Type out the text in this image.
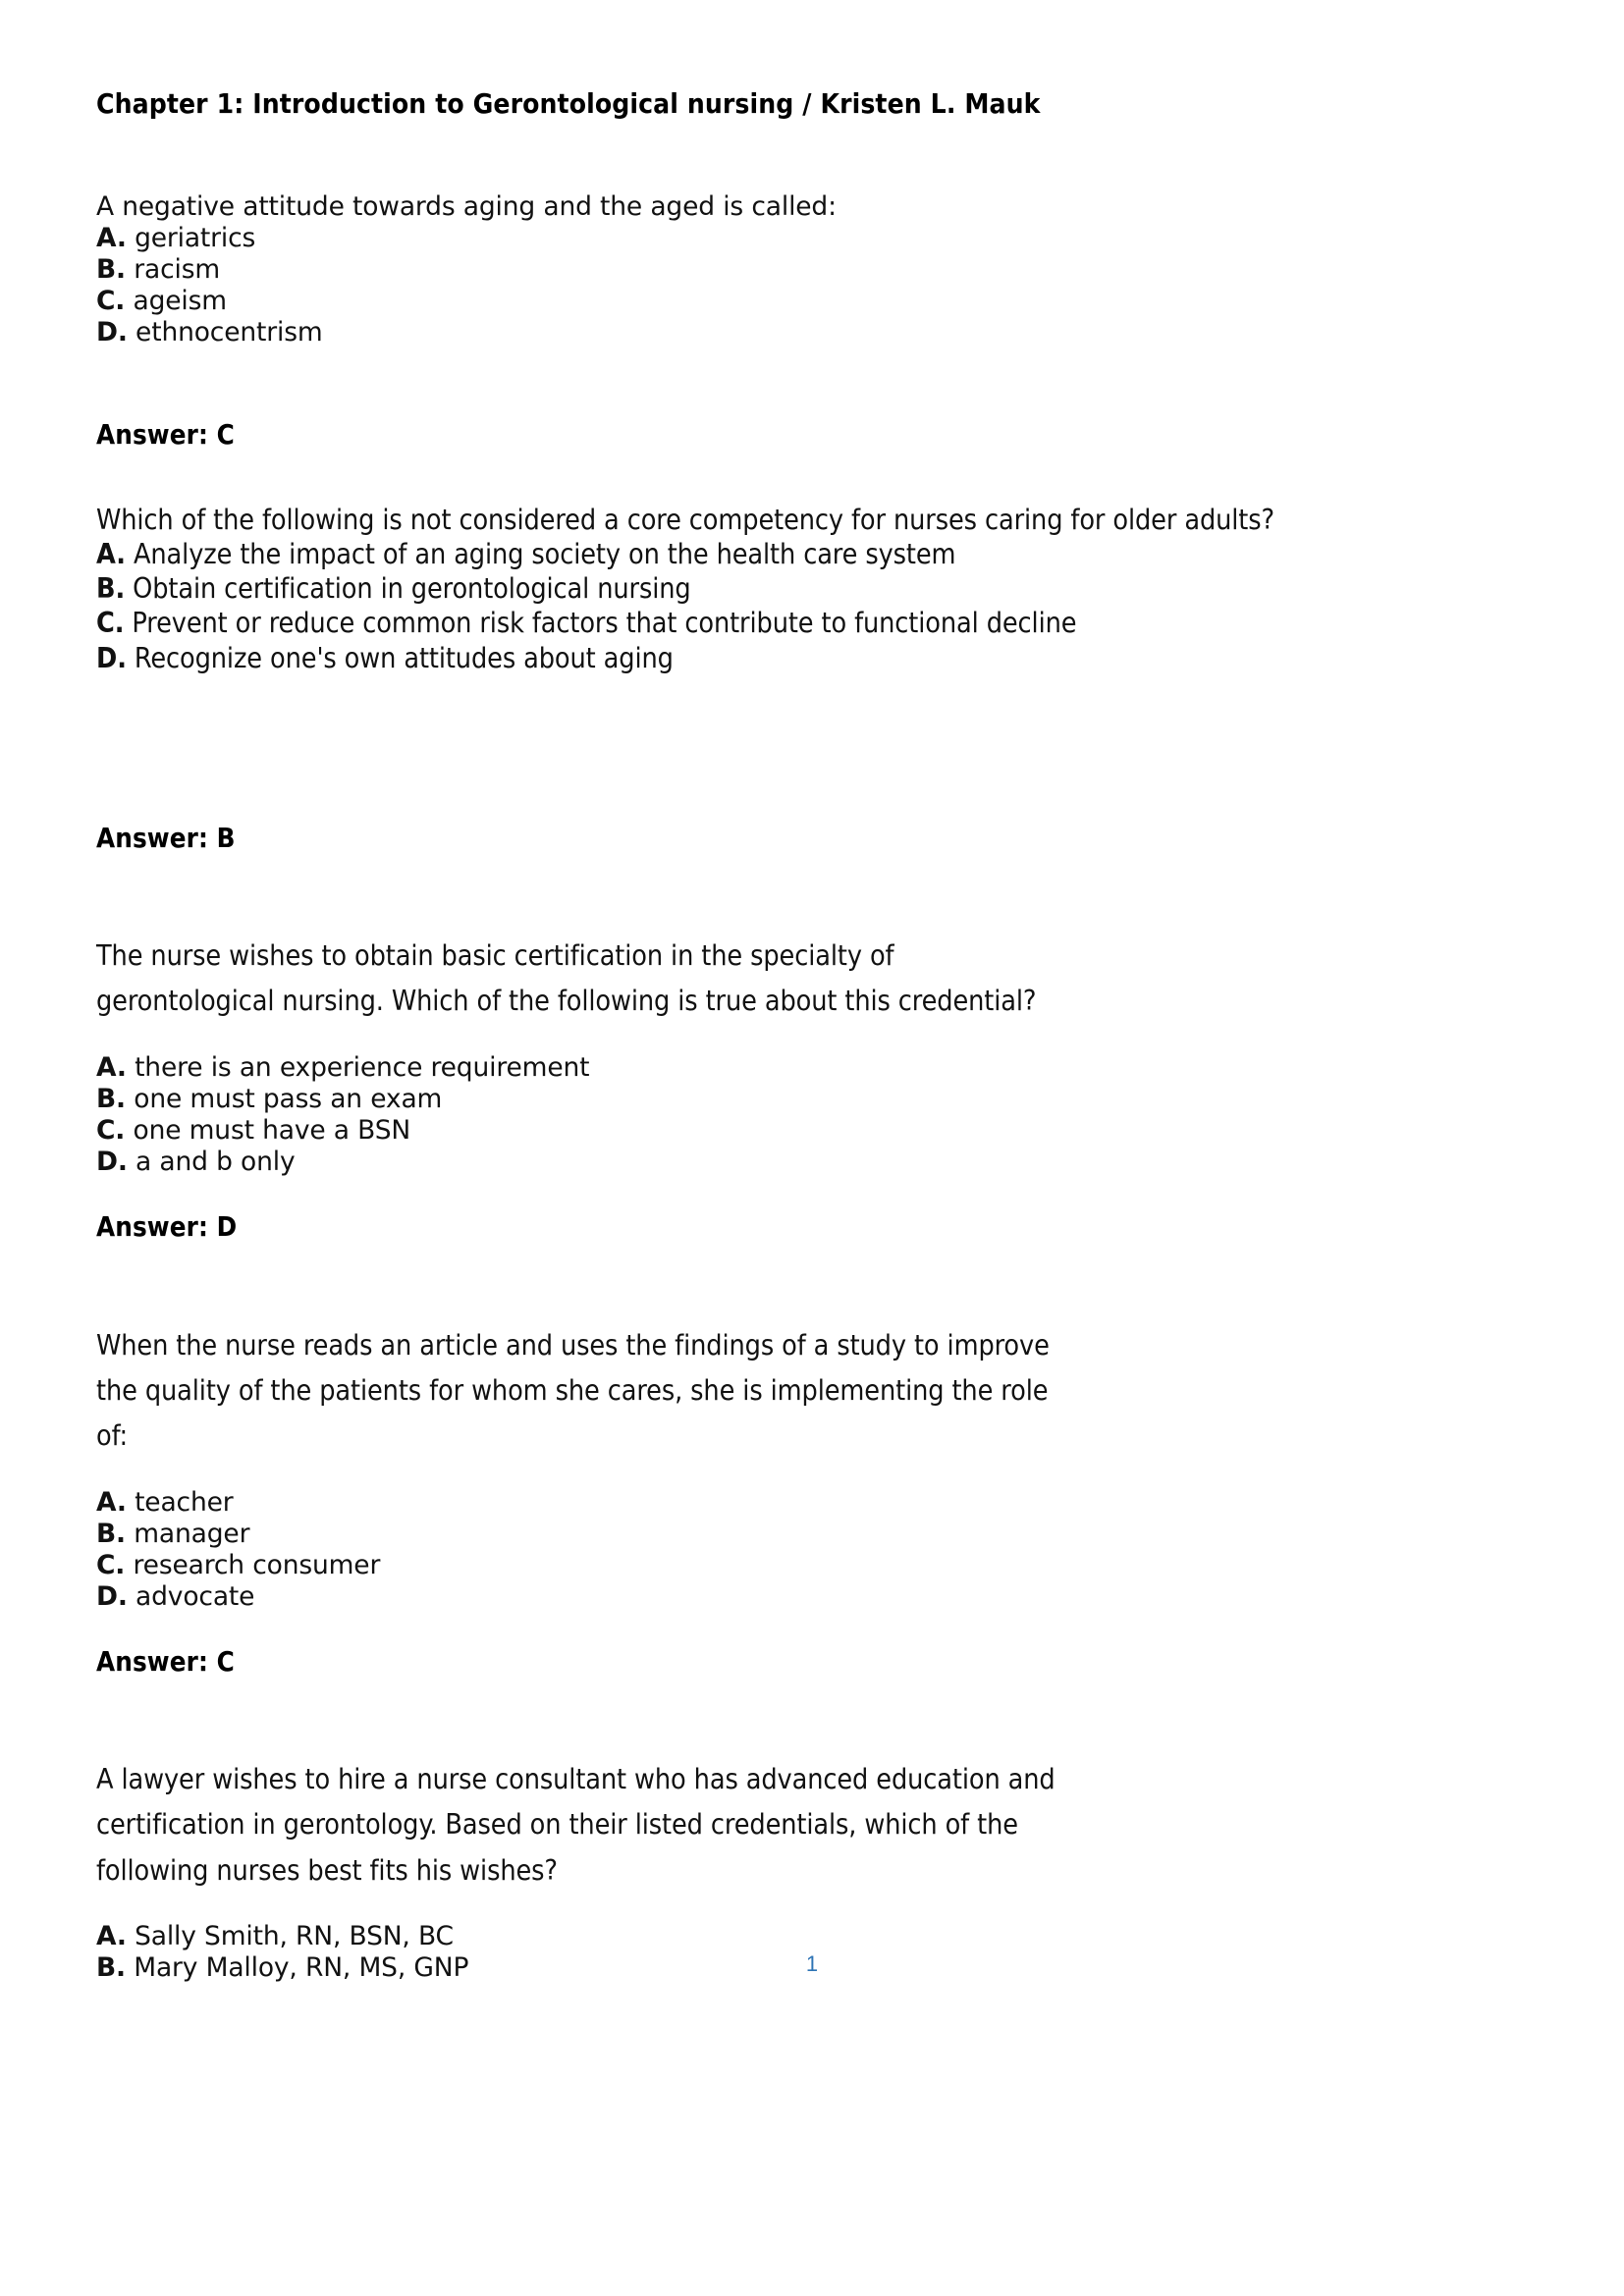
Chapter 1: Introduction to Gerontological nursing / Kristen L. Mauk

A negative attitude towards aging and the aged is called:

A. geriatrics

B. racism

C. ageism

D. ethnocentrism

Answer: C

Which of the following is not considered a core competency for nurses caring for older adults?

A. Analyze the impact of an aging society on the health care system

B. Obtain certification in gerontological nursing

C. Prevent or reduce common risk factors that contribute to functional decline

D. Recognize one's own attitudes about aging

Answer: B

The nurse wishes to obtain basic certification in the specialty of gerontological nursing. Which of the following is true about this credential?

A. there is an experience requirement

B. one must pass an exam

C. one must have a BSN

D. a and b only

Answer: D

When the nurse reads an article and uses the findings of a study to improve the quality of the patients for whom she cares, she is implementing the role of:

A. teacher

B. manager

C. research consumer

D. advocate

Answer: C

A lawyer wishes to hire a nurse consultant who has advanced education and certification in gerontology. Based on their listed credentials, which of the following nurses best fits his wishes?

A. Sally Smith, RN, BSN, BC

B. Mary Malloy, RN, MS, GNP	1
